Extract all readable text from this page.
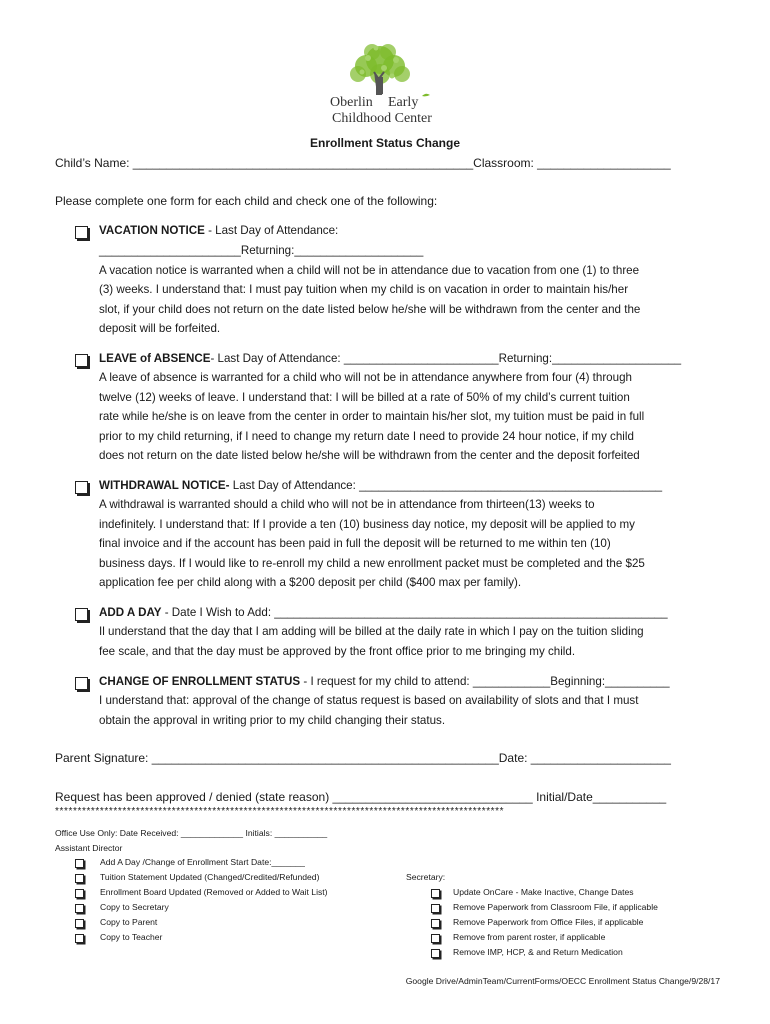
Oberlin Early
Childhood Center
Enrollment Status Change
Child’s Name: ___________________________________________________Classroom: ____________________
Please complete one form for each child and check one of the following:
VACATION NOTICE - Last Day of Attendance:
______________________Returning:____________________
A vacation notice is warranted when a child will not be in attendance due to vacation from one (1) to three
(3) weeks. I understand that: I must pay tuition when my child is on vacation in order to maintain his/her
slot, if your child does not return on the date listed below he/she will be withdrawn from the center and the
deposit will be forfeited.
LEAVE of ABSENCE- Last Day of Attendance: ________________________Returning:____________________
A leave of absence is warranted for a child who will not be in attendance anywhere from four (4) through
twelve (12) weeks of leave. I understand that: I will be billed at a rate of 50% of my child’s current tuition
rate while he/she is on leave from the center in order to maintain his/her slot, my tuition must be paid in full
prior to my child returning, if I need to change my return date I need to provide 24 hour notice, if my child
does not return on the date listed below he/she will be withdrawn from the center and the deposit forfeited
WITHDRAWAL NOTICE- Last Day of Attendance: _______________________________________________
A withdrawal is warranted should a child who will not be in attendance from thirteen(13) weeks to
indefinitely. I understand that: If I provide a ten (10) business day notice, my deposit will be applied to my
final invoice and if the account has been paid in full the deposit will be returned to me within ten (10)
business days. If I would like to re-enroll my child a new enrollment packet must be completed and the $25
application fee per child along with a $200 deposit per child ($400 max per family).
ADD A DAY - Date I Wish to Add: _____________________________________________________________
Il understand that the day that I am adding will be billed at the daily rate in which I pay on the tuition sliding
fee scale, and that the day must be approved by the front office prior to me bringing my child.
CHANGE OF ENROLLMENT STATUS - I request for my child to attend: ____________Beginning:__________
I understand that: approval of the change of status request is based on availability of slots and that I must
obtain the approval in writing prior to my child changing their status.
Parent Signature: ____________________________________________________Date: _____________________
Request has been approved / denied (state reason) ______________________________ Initial/Date___________
****************************************************************************************************
Office Use Only: Date Received: _____________ Initials: ___________
Assistant Director
Add A Day /Change of Enrollment Start Date:_______
Tuition Statement Updated (Changed/Credited/Refunded)
Enrollment Board Updated (Removed or Added to Wait List)
Copy to Secretary
Copy to Parent
Copy to Teacher
Secretary:
Update OnCare - Make Inactive, Change Dates
Remove Paperwork from Classroom File, if applicable
Remove Paperwork from Office Files, if applicable
Remove from parent roster, if applicable
Remove IMP, HCP, & and Return Medication
Google Drive/AdminTeam/CurrentForms/OECC Enrollment Status Change/9/28/17
